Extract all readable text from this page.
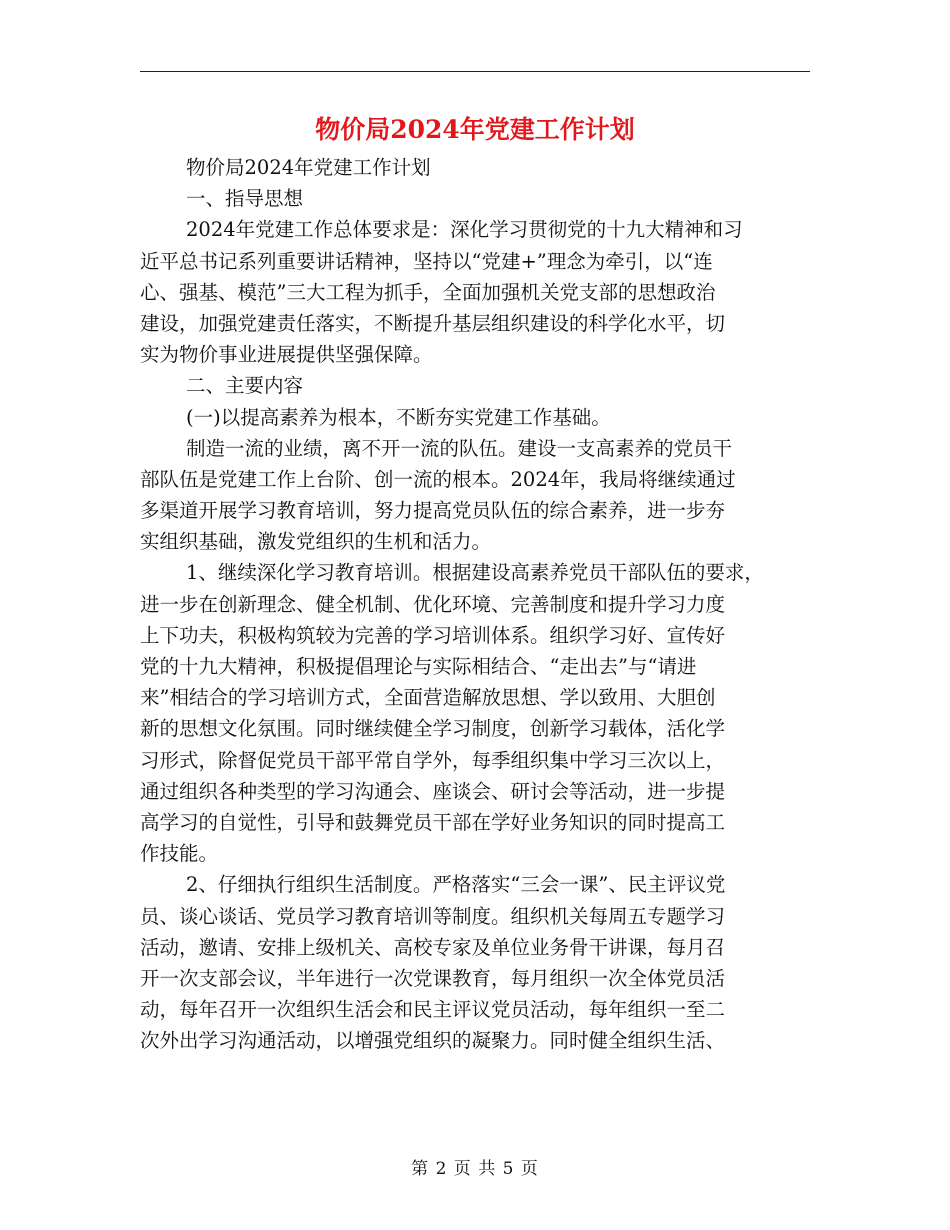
物价局2024年党建工作计划
物价局2024年党建工作计划
一、指导思想
2024年党建工作总体要求是：深化学习贯彻党的十九大精神和习
近平总书记系列重要讲话精神，坚持以“党建+”理念为牵引，以“连
心、强基、模范”三大工程为抓手，全面加强机关党支部的思想政治
建设，加强党建责任落实，不断提升基层组织建设的科学化水平，切
实为物价事业进展提供坚强保障。
二、主要内容
(一)以提高素养为根本，不断夯实党建工作基础。
制造一流的业绩，离不开一流的队伍。建设一支高素养的党员干
部队伍是党建工作上台阶、创一流的根本。2024年，我局将继续通过
多渠道开展学习教育培训，努力提高党员队伍的综合素养，进一步夯
实组织基础，激发党组织的生机和活力。
1、继续深化学习教育培训。根据建设高素养党员干部队伍的要求，
进一步在创新理念、健全机制、优化环境、完善制度和提升学习力度
上下功夫，积极构筑较为完善的学习培训体系。组织学习好、宣传好
党的十九大精神，积极提倡理论与实际相结合、“走出去”与“请进
来”相结合的学习培训方式，全面营造解放思想、学以致用、大胆创
新的思想文化氛围。同时继续健全学习制度，创新学习载体，活化学
习形式，除督促党员干部平常自学外，每季组织集中学习三次以上，
通过组织各种类型的学习沟通会、座谈会、研讨会等活动，进一步提
高学习的自觉性，引导和鼓舞党员干部在学好业务知识的同时提高工
作技能。
2、仔细执行组织生活制度。严格落实“三会一课”、民主评议党
员、谈心谈话、党员学习教育培训等制度。组织机关每周五专题学习
活动，邀请、安排上级机关、高校专家及单位业务骨干讲课，每月召
开一次支部会议，半年进行一次党课教育，每月组织一次全体党员活
动，每年召开一次组织生活会和民主评议党员活动，每年组织一至二
次外出学习沟通活动，以增强党组织的凝聚力。同时健全组织生活、
第 2 页 共 5 页
